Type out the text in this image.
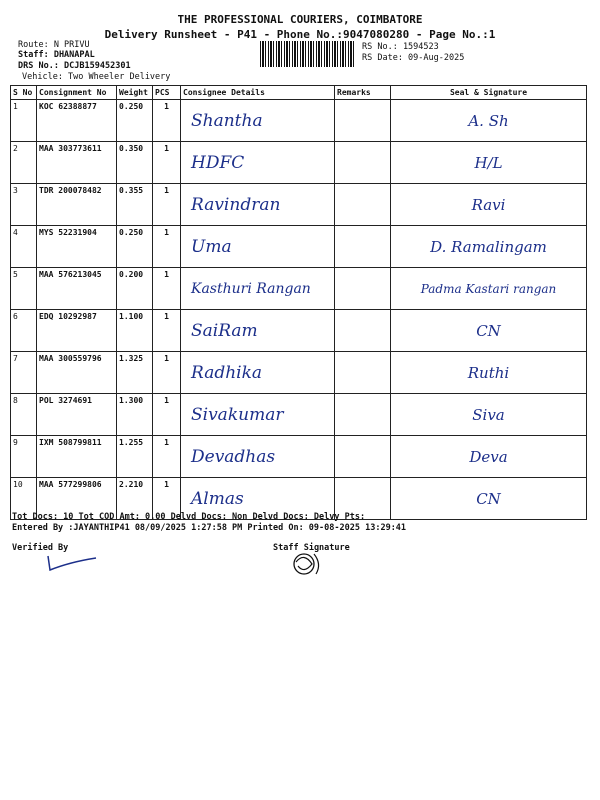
THE PROFESSIONAL COURIERS, COIMBATORE
Delivery Runsheet - P41 - Phone No.:9047080280 - Page No.:1
Route: N PRIVU
Staff: DHANAPAL
DRS No.: DCJB159452301
Vehicle: Two Wheeler Delivery
RS No.: 1594523
RS Date: 09-Aug-2025
S No	Consignment No	Weight	PCS	Consignee Details	Remarks	Seal & Signature
1	KOC 62388877	0.250	1	Shantha		A. Sh
2	MAA 303773611	0.350	1	HDFC		H/L
3	TDR 200078482	0.355	1	Ravindran		Ravi
4	MYS 52231904	0.250	1	Uma		D. Ramalingam
5	MAA 576213045	0.200	1	Kasthuri Rangan		Padma Kastari rangan
6	EDQ 10292987	1.100	1	SaiRam		CN
7	MAA 300559796	1.325	1	Radhika		Ruthi
8	POL 3274691	1.300	1	Sivakumar		Siva
9	IXM 508799811	1.255	1	Devadhas		Deva
10	MAA 577299806	2.210	1	Almas		CN
Tot Docs: 10 Tot COD Amt: 0.00 Delvd Docs: Non Delvd Docs: Delvy Pts:
Entered By :JAYANTHIP41 08/09/2025 1:27:58 PM Printed On: 09-08-2025 13:29:41
Verified By	Staff Signature
